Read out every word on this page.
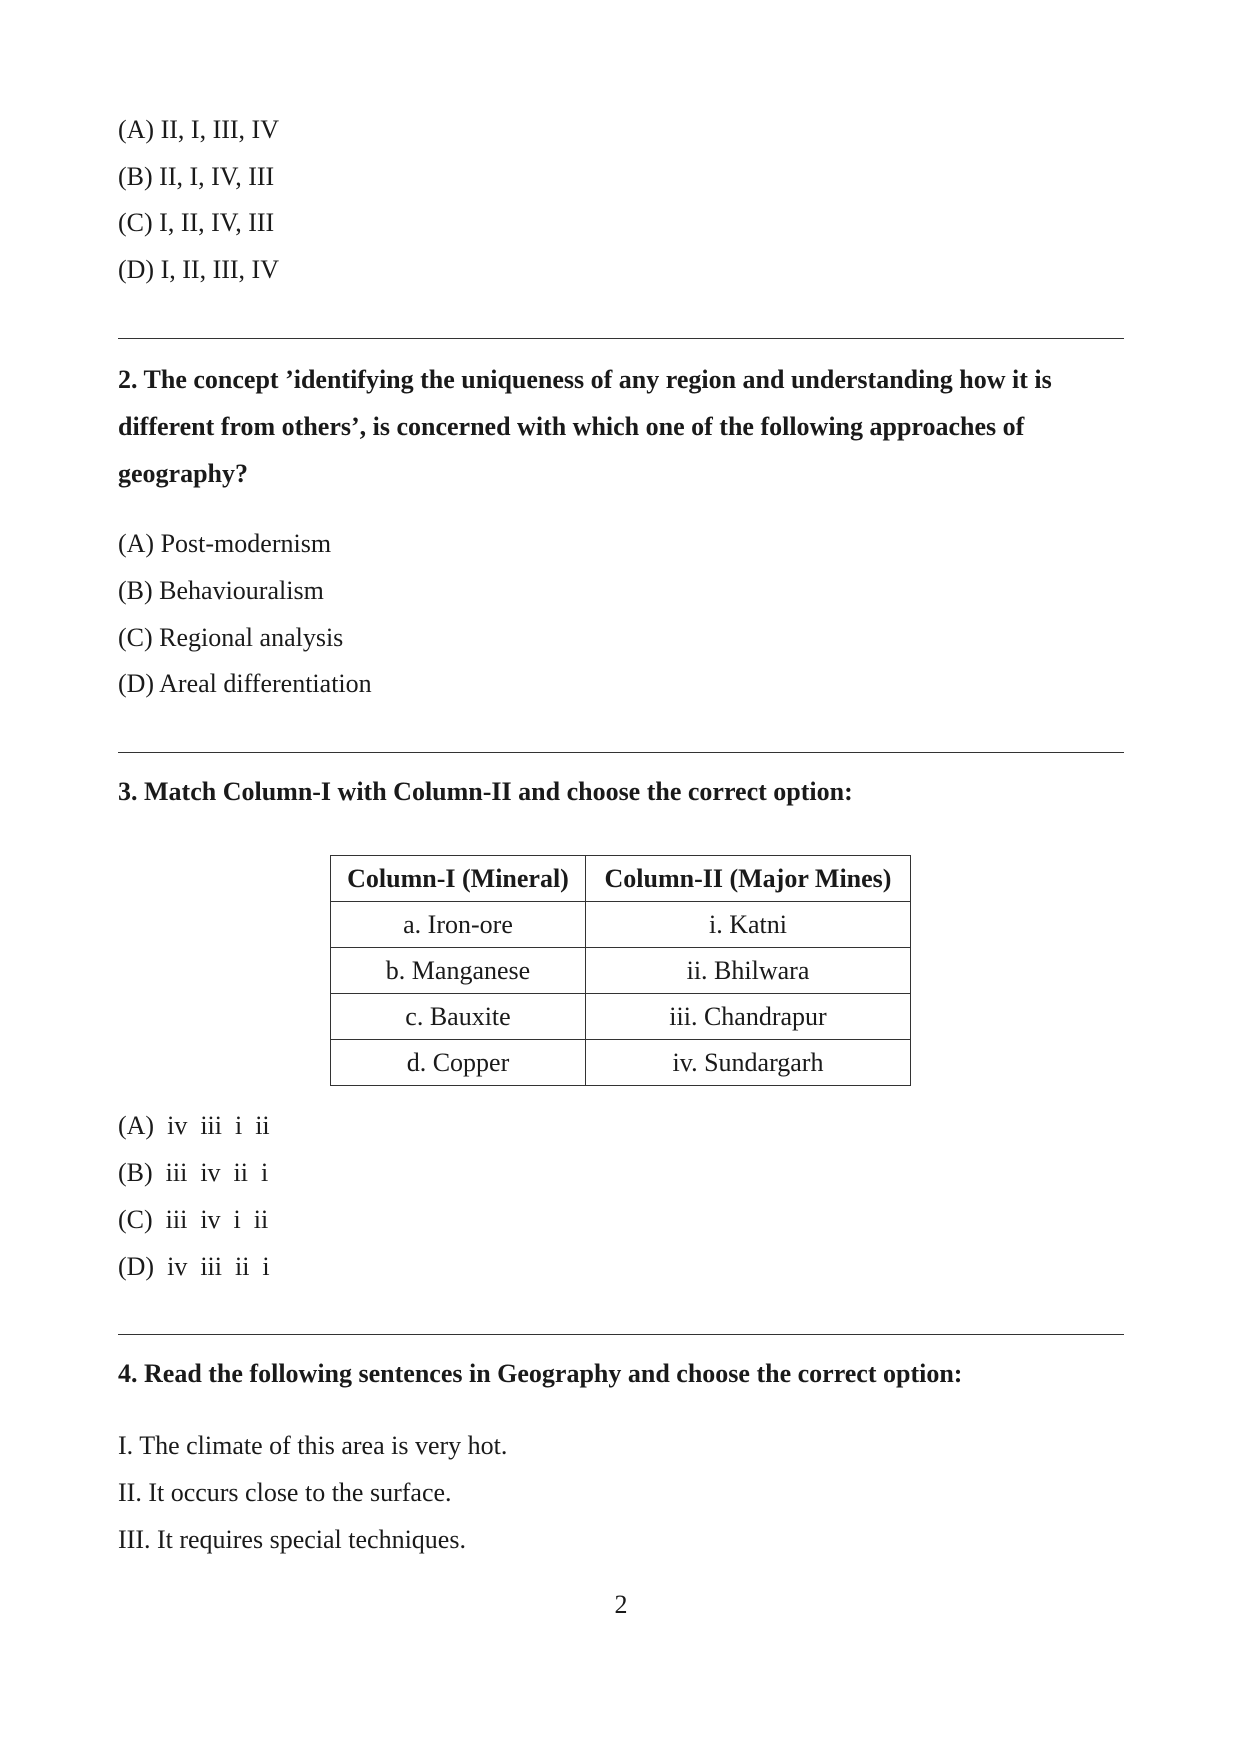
(A) II, I, III, IV
(B) II, I, IV, III
(C) I, II, IV, III
(D) I, II, III, IV
2. The concept ’identifying the uniqueness of any region and understanding how it is different from others’, is concerned with which one of the following approaches of geography?
(A) Post-modernism
(B) Behaviouralism
(C) Regional analysis
(D) Areal differentiation
3. Match Column-I with Column-II and choose the correct option:
Column-I (Mineral)	Column-II (Major Mines)
a. Iron-ore	i. Katni
b. Manganese	ii. Bhilwara
c. Bauxite	iii. Chandrapur
d. Copper	iv. Sundargarh
(A)  iv  iii  i  ii
(B)  iii  iv  ii  i
(C)  iii  iv  i  ii
(D)  iv  iii  ii  i
4. Read the following sentences in Geography and choose the correct option:
I. The climate of this area is very hot.
II. It occurs close to the surface.
III. It requires special techniques.
2
